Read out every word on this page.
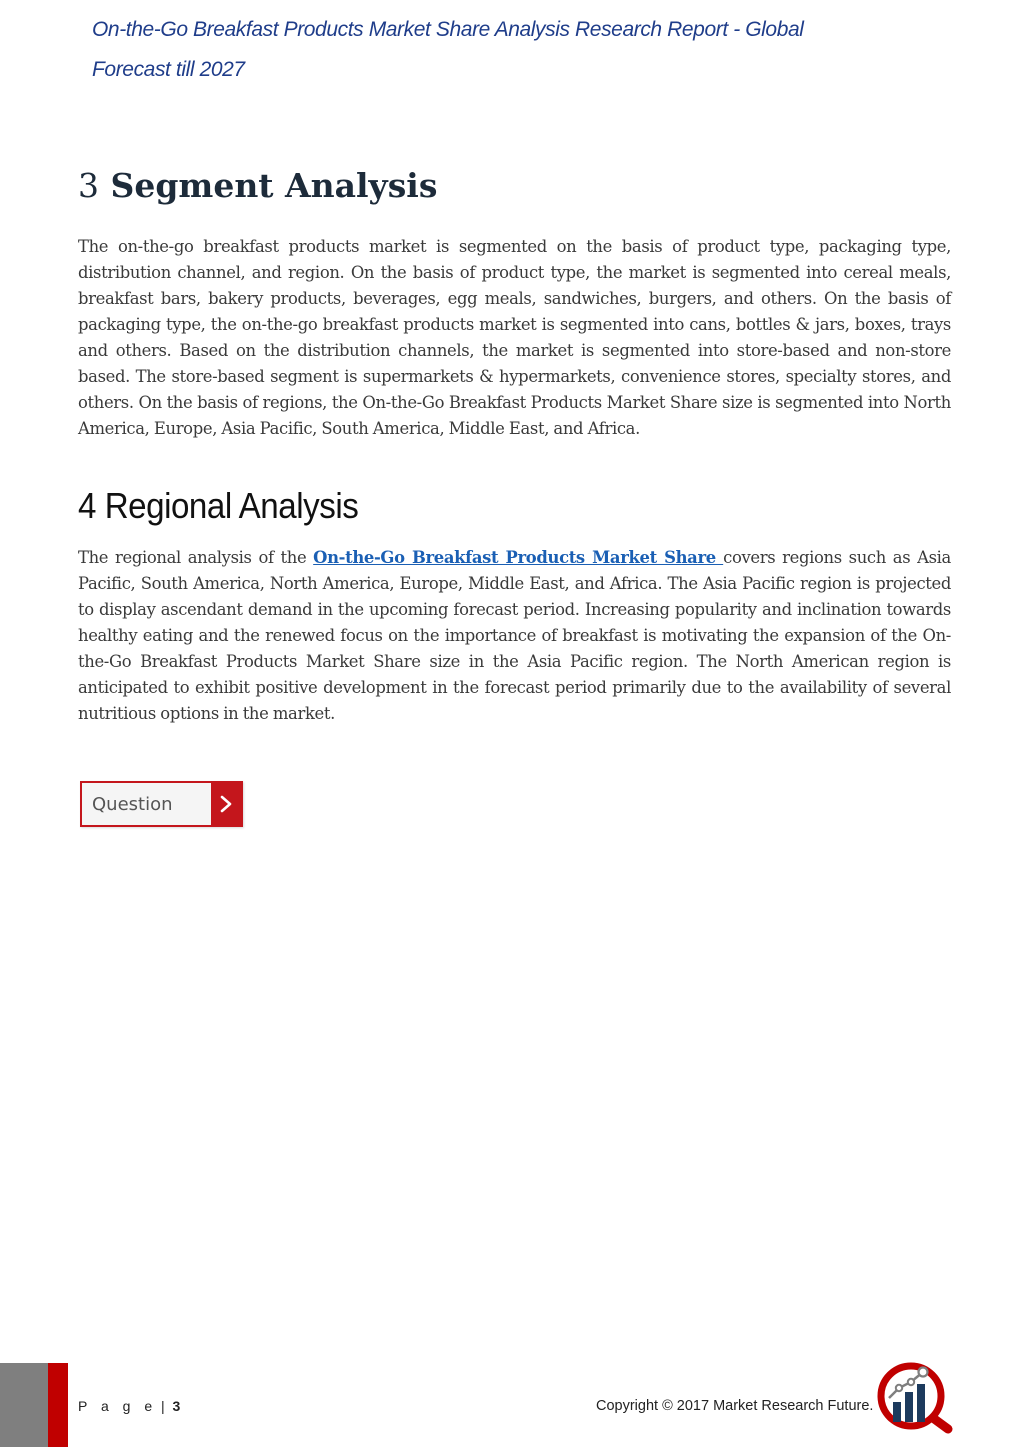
On-the-Go Breakfast Products Market Share Analysis Research Report - Global
Forecast till 2027
3 Segment Analysis

The on-the-go breakfast products market is segmented on the basis of product type, packaging type, distribution channel, and region. On the basis of product type, the market is segmented into cereal meals, breakfast bars, bakery products, beverages, egg meals, sandwiches, burgers, and others. On the basis of packaging type, the on-the-go breakfast products market is segmented into cans, bottles & jars, boxes, trays and others. Based on the distribution channels, the market is segmented into store-based and non-store based. The store-based segment is supermarkets & hypermarkets, convenience stores, specialty stores, and others. On the basis of regions, the On-the-Go Breakfast Products Market Share size is segmented into North America, Europe, Asia Pacific, South America, Middle East, and Africa.

4 Regional Analysis

The regional analysis of the On-the-Go Breakfast Products Market Share covers regions such as Asia Pacific, South America, North America, Europe, Middle East, and Africa. The Asia Pacific region is projected to display ascendant demand in the upcoming forecast period. Increasing popularity and inclination towards healthy eating and the renewed focus on the importance of breakfast is motivating the expansion of the On-the-Go Breakfast Products Market Share size in the Asia Pacific region. The North American region is anticipated to exhibit positive development in the forecast period primarily due to the availability of several nutritious options in the market.

Question
P a g e | 3	Copyright © 2017 Market Research Future.
